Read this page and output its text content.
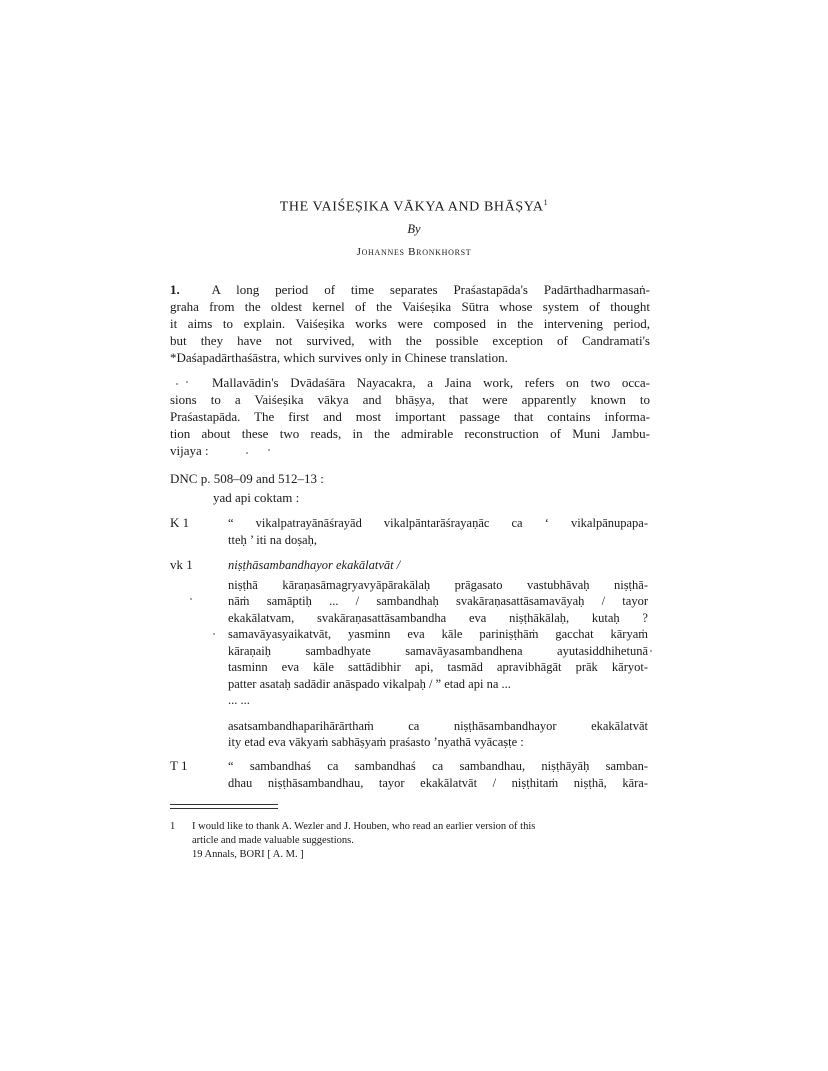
THE VAIŚEṢIKA VĀKYA AND BHĀṢYA$^1$
By
Johannes Bronkhorst
1. A long period of time separates Praśastapāda's Padārthadharmasaṅ-
graha from the oldest kernel of the Vaiśeṣika Sūtra whose system of thought
it aims to explain. Vaiśeṣika works were composed in the intervening period,
but they have not survived, with the possible exception of Candramati's
*Daśapadārthaśāstra, which survives only in Chinese translation.
Mallavādin's Dvādaśāra Nayacakra, a Jaina work, refers on two occa-
sions to a Vaiśeṣika vākya and bhāṣya, that were apparently known to
Praśastapāda. The first and most important passage that contains informa-
tion about these two reads, in the admirable reconstruction of Muni Jambu-
vijaya :
DNC p. 508–09 and 512–13 :
yad api coktam :
K 1	“ vikalpatrayānāśrayād vikalpāntarāśrayaṇāc ca ‘ vikalpānupapa-
tteḥ ’ iti na doṣaḥ,
vk 1	niṣṭhāsambandhayor ekakālatvāt /
niṣṭhā kāraṇasāmagryavyāpārakālaḥ prāgasato vastubhāvaḥ niṣṭhā-
nāṁ samāptiḥ ... / sambandhaḥ svakāraṇasattāsamavāyaḥ / tayor
ekakālatvam, svakāraṇasattāsambandha eva niṣṭhākālaḥ, kutaḥ ?
samavāyasyaikatvāt, yasminn eva kāle pariniṣṭhāṁ gacchat kāryaṁ
kāraṇaiḥ sambadhyate samavāyasambandhena ayutasiddhihetunā
tasminn eva kāle sattādibhir api, tasmād apravibhāgāt prāk kāryot-
patter asataḥ sadādir anāspado vikalpaḥ / ” etad api na ...
... ...
asatsambandhaparihārārthaṁ ca niṣṭhāsambandhayor ekakālatvāt
ity etad eva vākyaṁ sabhāṣyaṁ praśasto ’nyathā vyācaṣṭe :
T 1	“ sambandhaś ca sambandhaś ca sambandhau, niṣṭhāyāḥ samban-
dhau niṣṭhāsambandhau, tayor ekakālatvāt / niṣṭhitaṁ niṣṭhā, kāra-
1 I would like to thank A. Wezler and J. Houben, who read an earlier version of this
article and made valuable suggestions.
19 Annals, BORI [ A. M. ]
